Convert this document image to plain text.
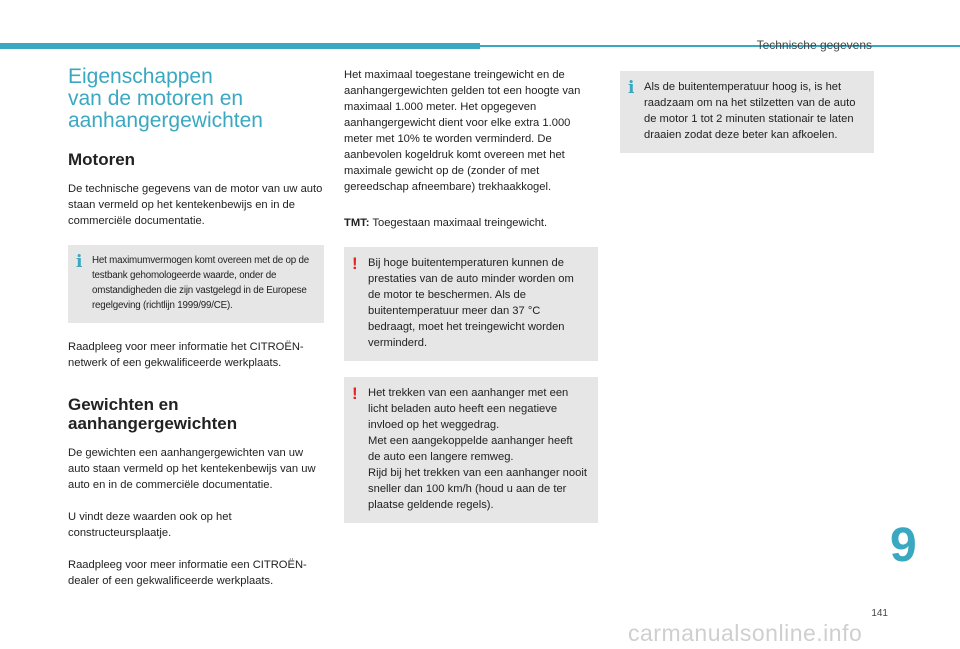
Technische gegevens
Eigenschappen
van de motoren en
aanhangergewichten
Motoren

De technische gegevens van de motor van uw auto staan vermeld op het kentekenbewijs en in de commerciële documentatie.

i Het maximumvermogen komt overeen met de op de testbank gehomologeerde waarde, onder de omstandigheden die zijn vastgelegd in de Europese regelgeving (richtlijn 1999/99/CE).

Raadpleeg voor meer informatie het CITROËN-netwerk of een gekwalificeerde werkplaats.

Gewichten en
aanhangergewichten

De gewichten een aanhangergewichten van uw auto staan vermeld op het kentekenbewijs van uw auto en in de commerciële documentatie.

U vindt deze waarden ook op het constructeursplaatje.

Raadpleeg voor meer informatie een CITROËN-dealer of een gekwalificeerde werkplaats.

Het maximaal toegestane treingewicht en de aanhangergewichten gelden tot een hoogte van maximaal 1.000 meter. Het opgegeven aanhangergewicht dient voor elke extra 1.000 meter met 10% te worden verminderd. De aanbevolen kogeldruk komt overeen met het maximale gewicht op de (zonder of met gereedschap afneembare) trekhaakkogel.

TMT: Toegestaan maximaal treingewicht.

! Bij hoge buitentemperaturen kunnen de prestaties van de auto minder worden om de motor te beschermen. Als de buitentemperatuur meer dan 37 °C bedraagt, moet het treingewicht worden verminderd.
! Het trekken van een aanhanger met een licht beladen auto heeft een negatieve invloed op het weggedrag.
Met een aangekoppelde aanhanger heeft de auto een langere remweg.
Rijd bij het trekken van een aanhanger nooit sneller dan 100 km/h (houd u aan de ter plaatse geldende regels).
i Als de buitentemperatuur hoog is, is het raadzaam om na het stilzetten van de auto de motor 1 tot 2 minuten stationair te laten draaien zodat deze beter kan afkoelen.
9
141
carmanualsonline.info
